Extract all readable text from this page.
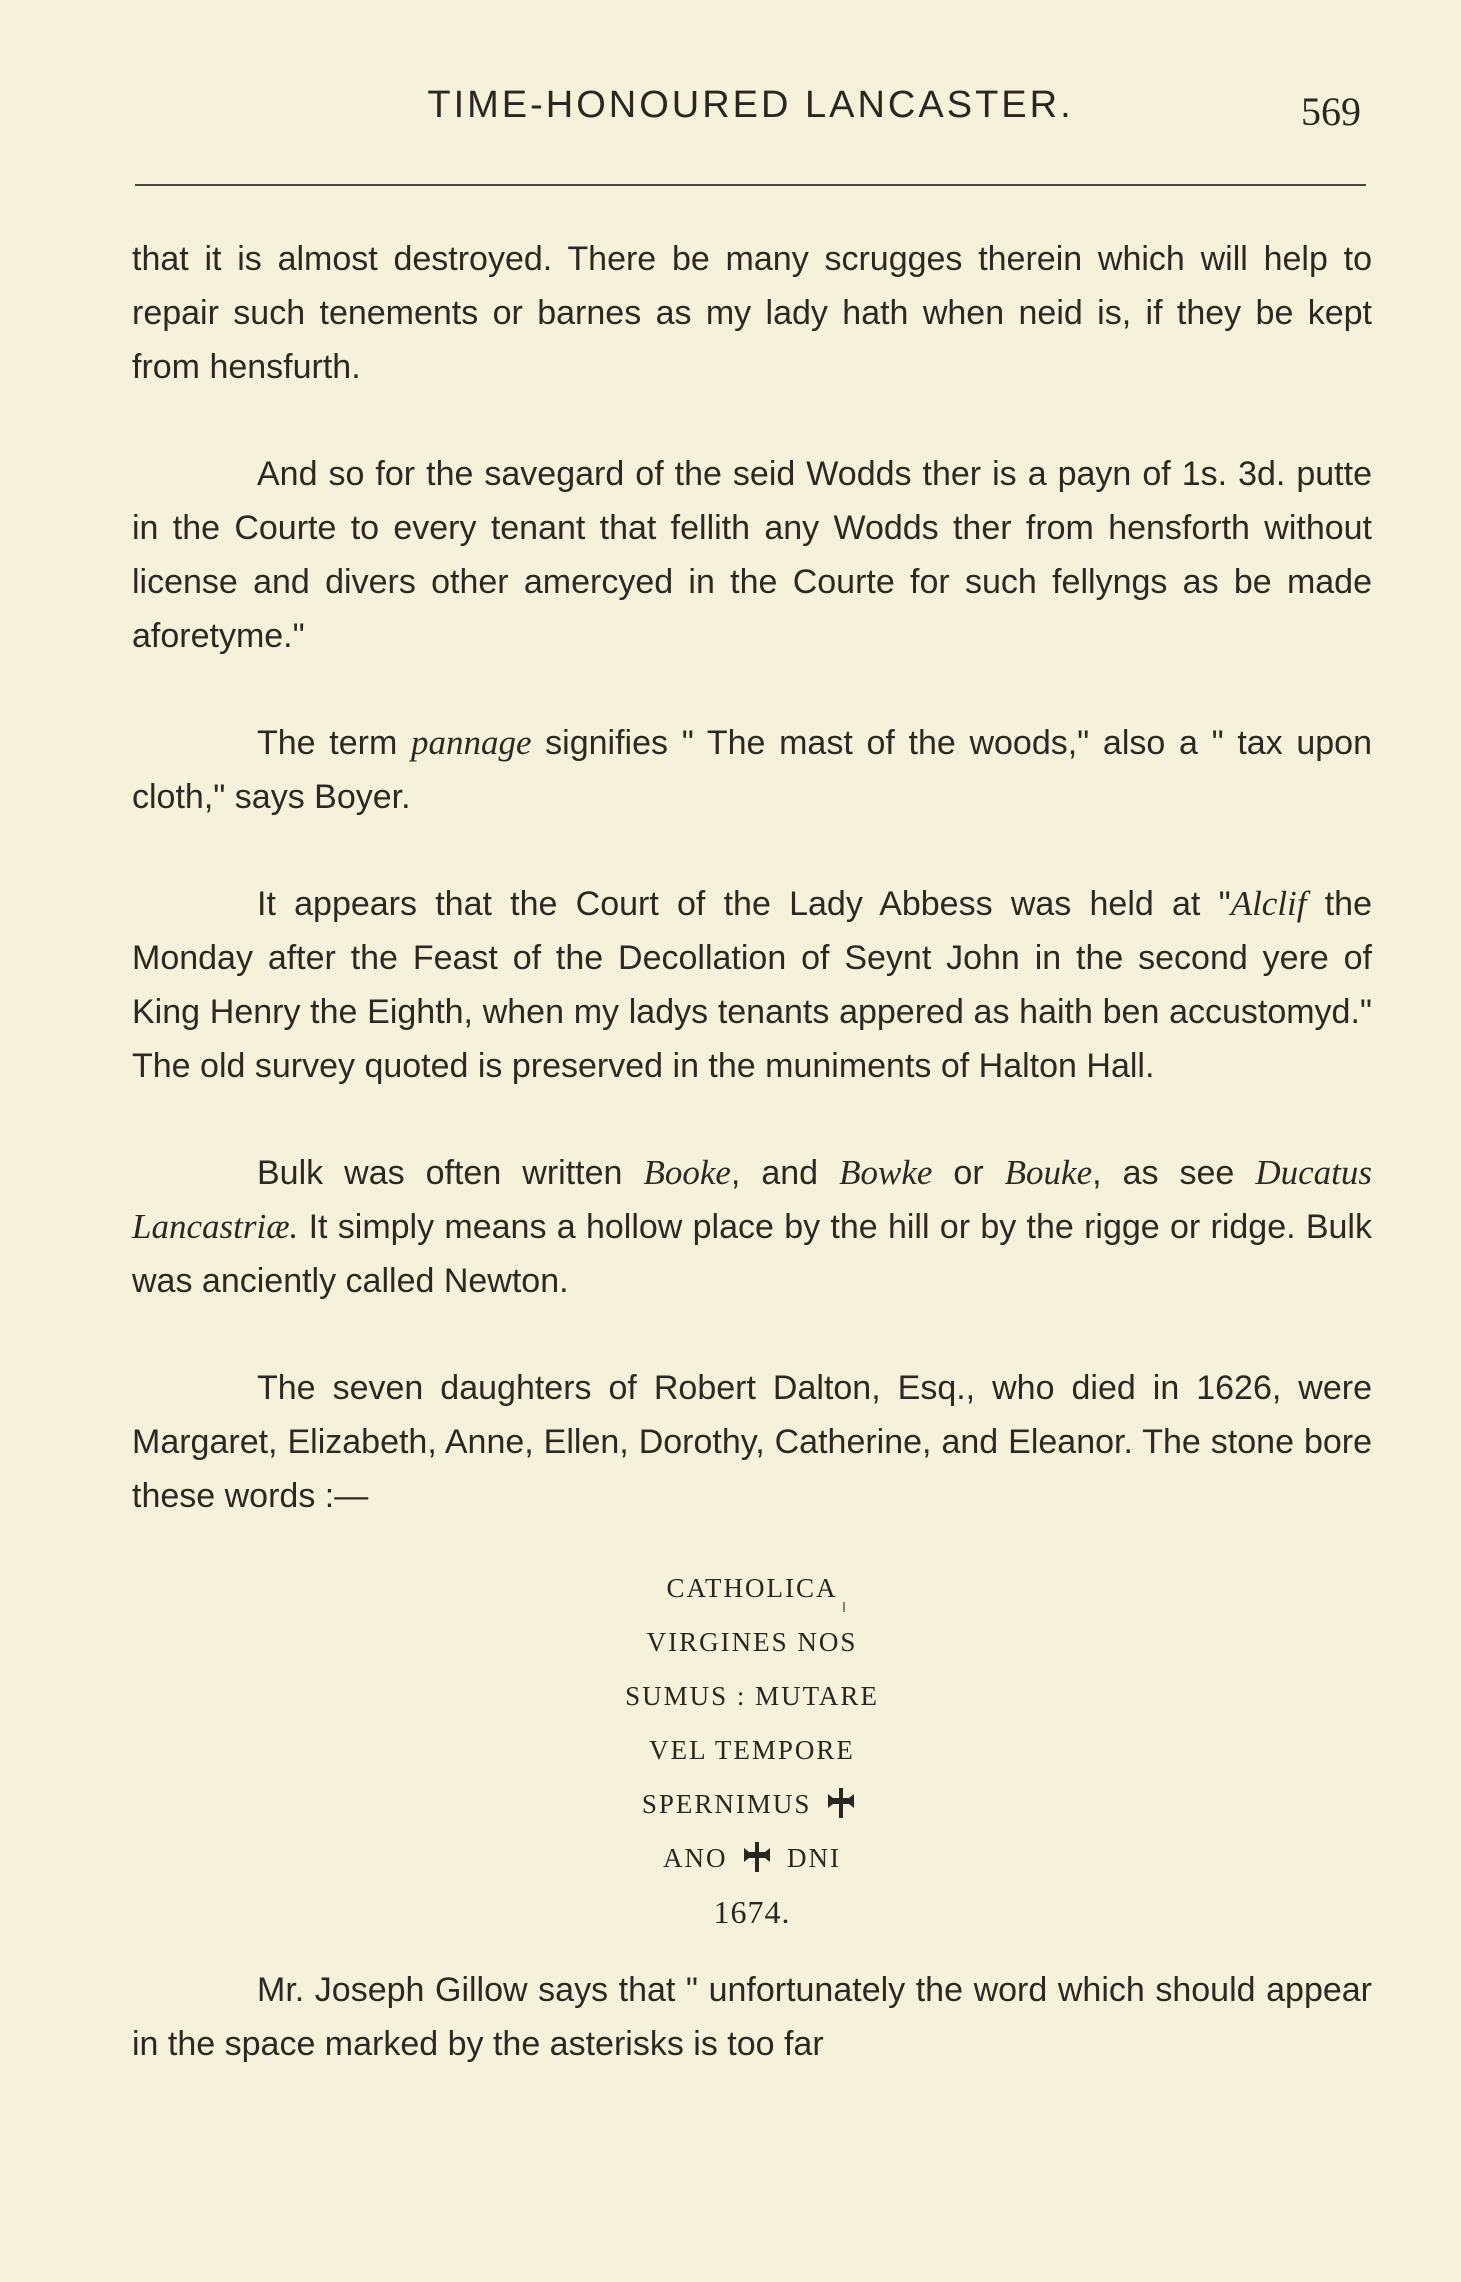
TIME-HONOURED LANCASTER.	569

that it is almost destroyed. There be many scrugges therein which will help to repair such tenements or barnes as my lady hath when neid is, if they be kept from hensfurth.

And so for the savegard of the seid Wodds ther is a payn of 1s. 3d. putte in the Courte to every tenant that fellith any Wodds ther from hensforth without license and divers other amercyed in the Courte for such fellyngs as be made aforetyme."

The term pannage signifies " The mast of the woods," also a " tax upon cloth," says Boyer.

It appears that the Court of the Lady Abbess was held at "Alclif the Monday after the Feast of the Decollation of Seynt John in the second yere of King Henry the Eighth, when my ladys tenants appered as haith ben accustomyd." The old survey quoted is preserved in the muniments of Halton Hall.

Bulk was often written Booke, and Bowke or Bouke, as see Ducatus Lancastriæ. It simply means a hollow place by the hill or by the rigge or ridge. Bulk was anciently called Newton.

The seven daughters of Robert Dalton, Esq., who died in 1626, were Margaret, Elizabeth, Anne, Ellen, Dorothy, Catherine, and Eleanor. The stone bore these words :—

CATHOLICA
VIRGINES NOS
SUMUS : MUTARE
VEL TEMPORE
SPERNIMUS
ANO DNI
1674.

Mr. Joseph Gillow says that " unfortunately the word which should appear in the space marked by the asterisks is too far
